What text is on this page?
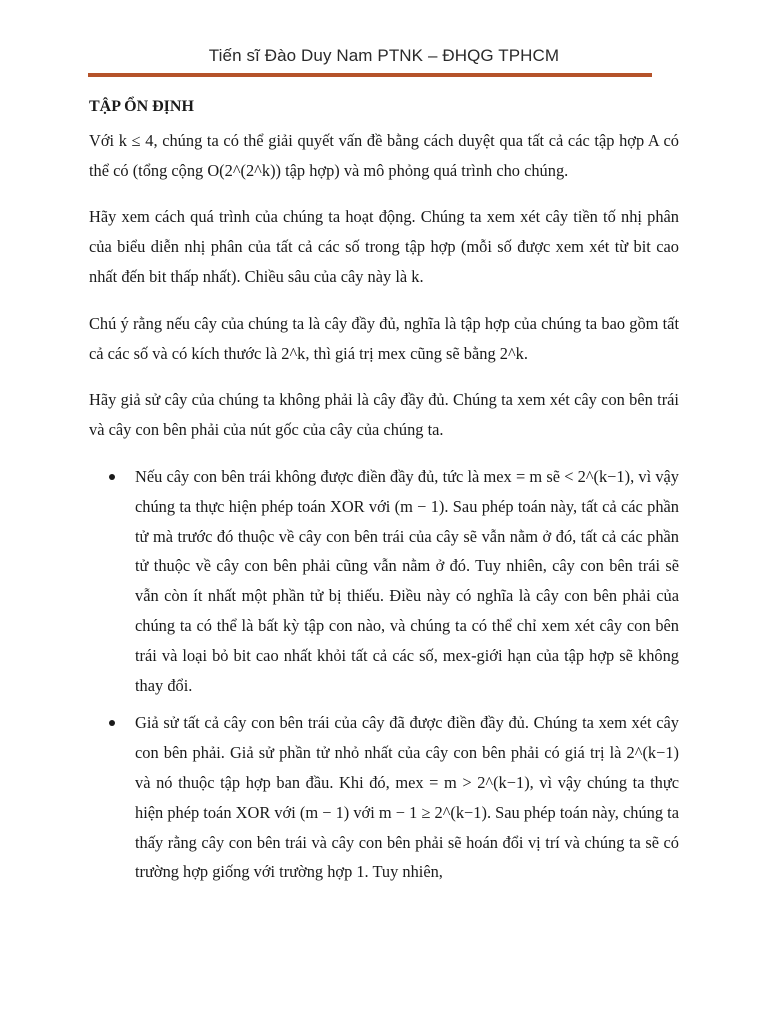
Tiến sĩ Đào Duy Nam PTNK – ĐHQG TPHCM
TẬP ỔN ĐỊNH

Với k ≤ 4, chúng ta có thể giải quyết vấn đề bằng cách duyệt qua tất cả các tập hợp A có thể có (tổng cộng O(2^(2^k)) tập hợp) và mô phỏng quá trình cho chúng.

Hãy xem cách quá trình của chúng ta hoạt động. Chúng ta xem xét cây tiền tố nhị phân của biểu diễn nhị phân của tất cả các số trong tập hợp (mỗi số được xem xét từ bit cao nhất đến bit thấp nhất). Chiều sâu của cây này là k.

Chú ý rằng nếu cây của chúng ta là cây đầy đủ, nghĩa là tập hợp của chúng ta bao gồm tất cả các số và có kích thước là 2^k, thì giá trị mex cũng sẽ bằng 2^k.

Hãy giả sử cây của chúng ta không phải là cây đầy đủ. Chúng ta xem xét cây con bên trái và cây con bên phải của nút gốc của cây của chúng ta.

Nếu cây con bên trái không được điền đầy đủ, tức là mex = m sẽ < 2^(k−1), vì vậy chúng ta thực hiện phép toán XOR với (m − 1). Sau phép toán này, tất cả các phần tử mà trước đó thuộc về cây con bên trái của cây sẽ vẫn nằm ở đó, tất cả các phần tử thuộc về cây con bên phải cũng vẫn nằm ở đó. Tuy nhiên, cây con bên trái sẽ vẫn còn ít nhất một phần tử bị thiếu. Điều này có nghĩa là cây con bên phải của chúng ta có thể là bất kỳ tập con nào, và chúng ta có thể chỉ xem xét cây con bên trái và loại bỏ bit cao nhất khỏi tất cả các số, mex-giới hạn của tập hợp sẽ không thay đổi.
Giả sử tất cả cây con bên trái của cây đã được điền đầy đủ. Chúng ta xem xét cây con bên phải. Giả sử phần tử nhỏ nhất của cây con bên phải có giá trị là 2^(k−1) và nó thuộc tập hợp ban đầu. Khi đó, mex = m > 2^(k−1), vì vậy chúng ta thực hiện phép toán XOR với (m − 1) với m − 1 ≥ 2^(k−1). Sau phép toán này, chúng ta thấy rằng cây con bên trái và cây con bên phải sẽ hoán đổi vị trí và chúng ta sẽ có trường hợp giống với trường hợp 1. Tuy nhiên,
